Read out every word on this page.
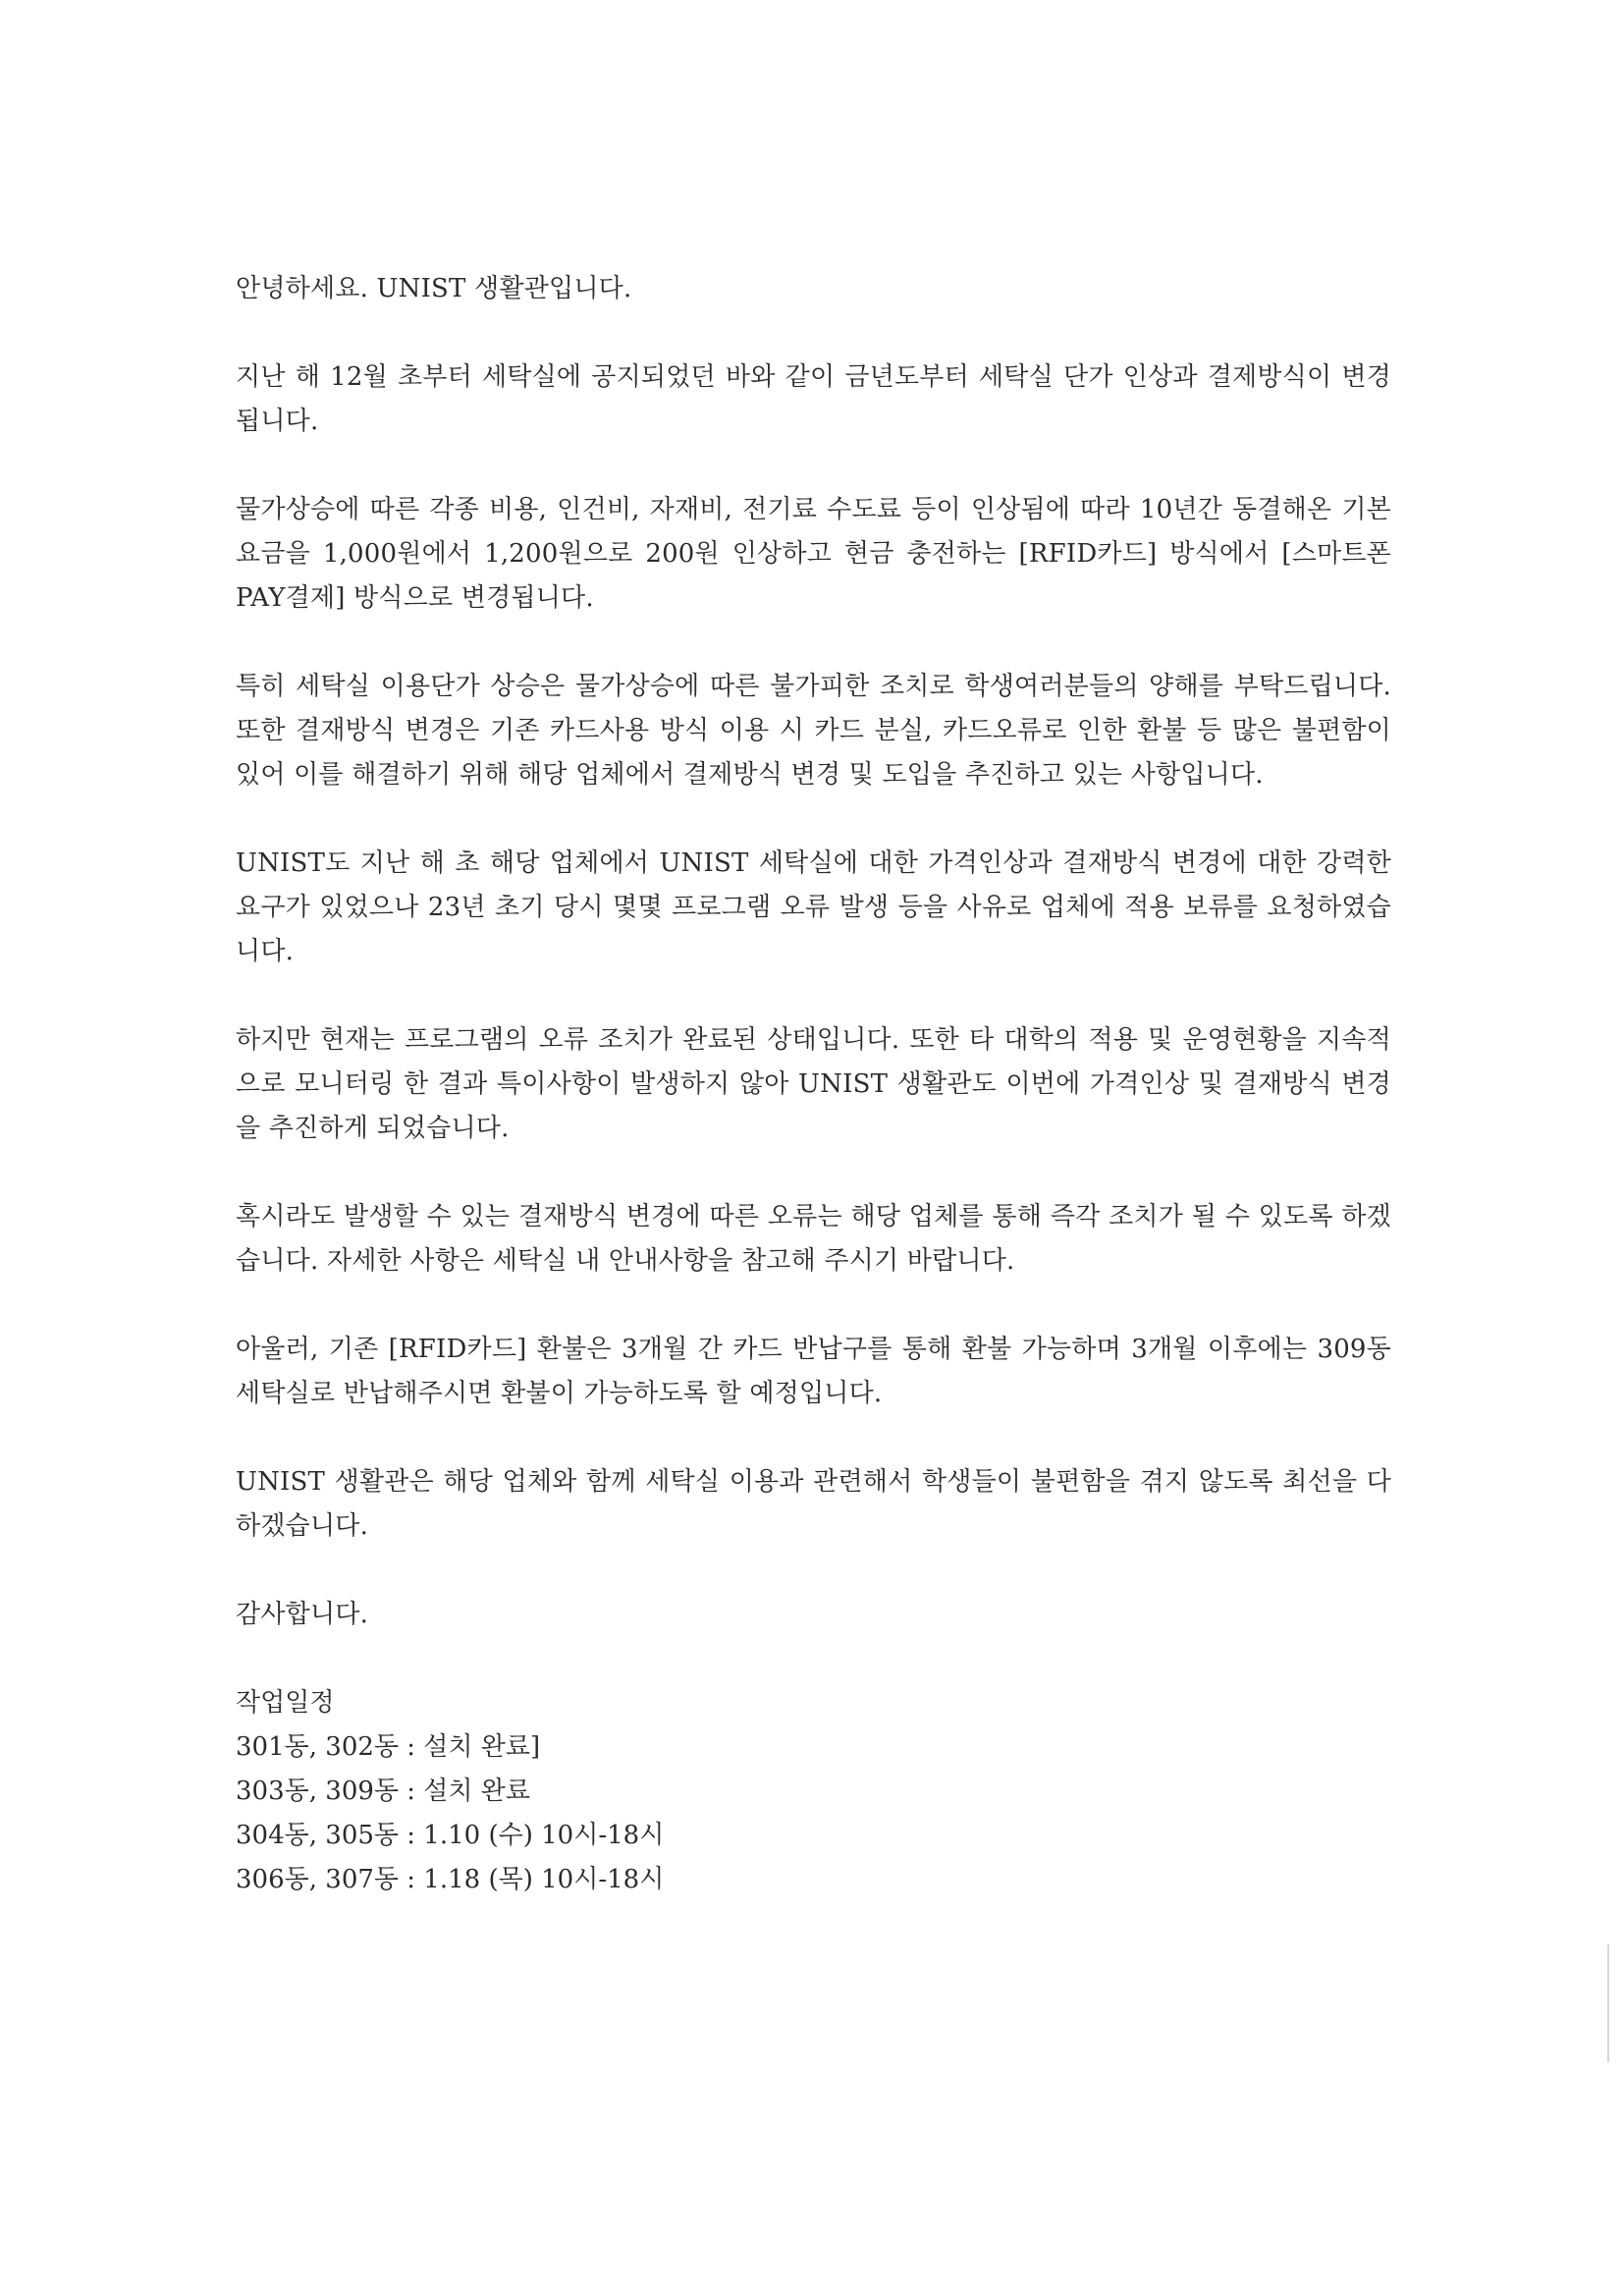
안녕하세요. UNIST 생활관입니다.

지난 해 12월 초부터 세탁실에 공지되었던 바와 같이 금년도부터 세탁실 단가 인상과 결제방식이 변경됩니다.

물가상승에 따른 각종 비용, 인건비, 자재비, 전기료 수도료 등이 인상됨에 따라 10년간 동결해온 기본요금을 1,000원에서 1,200원으로 200원 인상하고 현금 충전하는 [RFID카드] 방식에서 [스마트폰PAY결제] 방식으로 변경됩니다.

특히 세탁실 이용단가 상승은 물가상승에 따른 불가피한 조치로 학생여러분들의 양해를 부탁드립니다. 또한 결재방식 변경은 기존 카드사용 방식 이용 시 카드 분실, 카드오류로 인한 환불 등 많은 불편함이 있어 이를 해결하기 위해 해당 업체에서 결제방식 변경 및 도입을 추진하고 있는 사항입니다.

UNIST도 지난 해 초 해당 업체에서 UNIST 세탁실에 대한 가격인상과 결재방식 변경에 대한 강력한 요구가 있었으나 23년 초기 당시 몇몇 프로그램 오류 발생 등을 사유로 업체에 적용 보류를 요청하였습니다.

하지만 현재는 프로그램의 오류 조치가 완료된 상태입니다. 또한 타 대학의 적용 및 운영현황을 지속적으로 모니터링 한 결과 특이사항이 발생하지 않아 UNIST 생활관도 이번에 가격인상 및 결재방식 변경을 추진하게 되었습니다.

혹시라도 발생할 수 있는 결재방식 변경에 따른 오류는 해당 업체를 통해 즉각 조치가 될 수 있도록 하겠습니다. 자세한 사항은 세탁실 내 안내사항을 참고해 주시기 바랍니다.

아울러, 기존 [RFID카드] 환불은 3개월 간 카드 반납구를 통해 환불 가능하며 3개월 이후에는 309동 세탁실로 반납해주시면 환불이 가능하도록 할 예정입니다.

UNIST 생활관은 해당 업체와 함께 세탁실 이용과 관련해서 학생들이 불편함을 겪지 않도록 최선을 다하겠습니다.

감사합니다.

작업일정

301동, 302동 : 설치 완료]

303동, 309동 : 설치 완료

304동, 305동 : 1.10 (수) 10시-18시

306동, 307동 : 1.18 (목) 10시-18시
